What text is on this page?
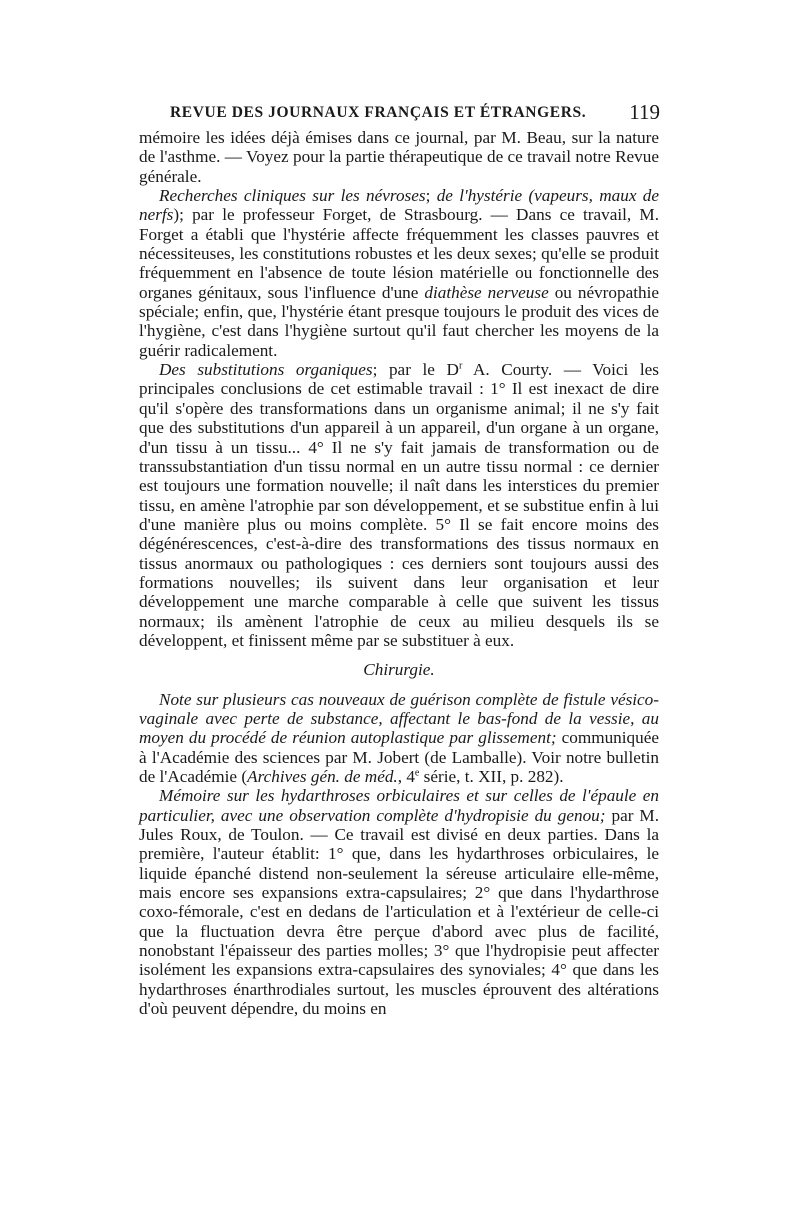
REVUE DES JOURNAUX FRANÇAIS ET ÉTRANGERS. 119

mémoire les idées déjà émises dans ce journal, par M. Beau, sur la nature de l'asthme. — Voyez pour la partie thérapeutique de ce travail notre Revue générale.

Recherches cliniques sur les névroses; de l'hystérie (vapeurs, maux de nerfs); par le professeur Forget, de Strasbourg. — Dans ce travail, M. Forget a établi que l'hystérie affecte fréquemment les classes pauvres et nécessiteuses, les constitutions robustes et les deux sexes; qu'elle se produit fréquemment en l'absence de toute lésion matérielle ou fonctionnelle des organes génitaux, sous l'influence d'une diathèse nerveuse ou névropathie spéciale; enfin, que, l'hystérie étant presque toujours le produit des vices de l'hygiène, c'est dans l'hygiène surtout qu'il faut chercher les moyens de la guérir radicalement.

Des substitutions organiques; par le $D^r$ A. Courty. — Voici les principales conclusions de cet estimable travail : 1° Il est inexact de dire qu'il s'opère des transformations dans un organisme animal; il ne s'y fait que des substitutions d'un appareil à un appareil, d'un organe à un organe, d'un tissu à un tissu... 4° Il ne s'y fait jamais de transformation ou de transsubstantiation d'un tissu normal en un autre tissu normal : ce dernier est toujours une formation nouvelle; il naît dans les interstices du premier tissu, en amène l'atrophie par son développement, et se substitue enfin à lui d'une manière plus ou moins complète. 5° Il se fait encore moins des dégénérescences, c'est-à-dire des transformations des tissus normaux en tissus anormaux ou pathologiques : ces derniers sont toujours aussi des formations nouvelles; ils suivent dans leur organisation et leur développement une marche comparable à celle que suivent les tissus normaux; ils amènent l'atrophie de ceux au milieu desquels ils se développent, et finissent même par se substituer à eux.

Chirurgie.

Note sur plusieurs cas nouveaux de guérison complète de fistule vésico-vaginale avec perte de substance, affectant le bas-fond de la vessie, au moyen du procédé de réunion autoplastique par glissement; communiquée à l'Académie des sciences par M. Jobert (de Lamballe). Voir notre bulletin de l'Académie (Archives gén. de méd., 4e série, t. XII, p. 282).

Mémoire sur les hydarthroses orbiculaires et sur celles de l'épaule en particulier, avec une observation complète d'hydropisie du genou; par M. Jules Roux, de Toulon. — Ce travail est divisé en deux parties. Dans la première, l'auteur établit: 1° que, dans les hydarthroses orbiculaires, le liquide épanché distend non-seulement la séreuse articulaire elle-même, mais encore ses expansions extra-capsulaires; 2° que dans l'hydarthrose coxo-fémorale, c'est en dedans de l'articulation et à l'extérieur de celle-ci que la fluctuation devra être perçue d'abord avec plus de facilité, nonobstant l'épaisseur des parties molles; 3° que l'hydropisie peut affecter isolément les expansions extra-capsulaires des synoviales; 4° que dans les hydarthroses énarthrodiales surtout, les muscles éprouvent des altérations d'où peuvent dépendre, du moins en
